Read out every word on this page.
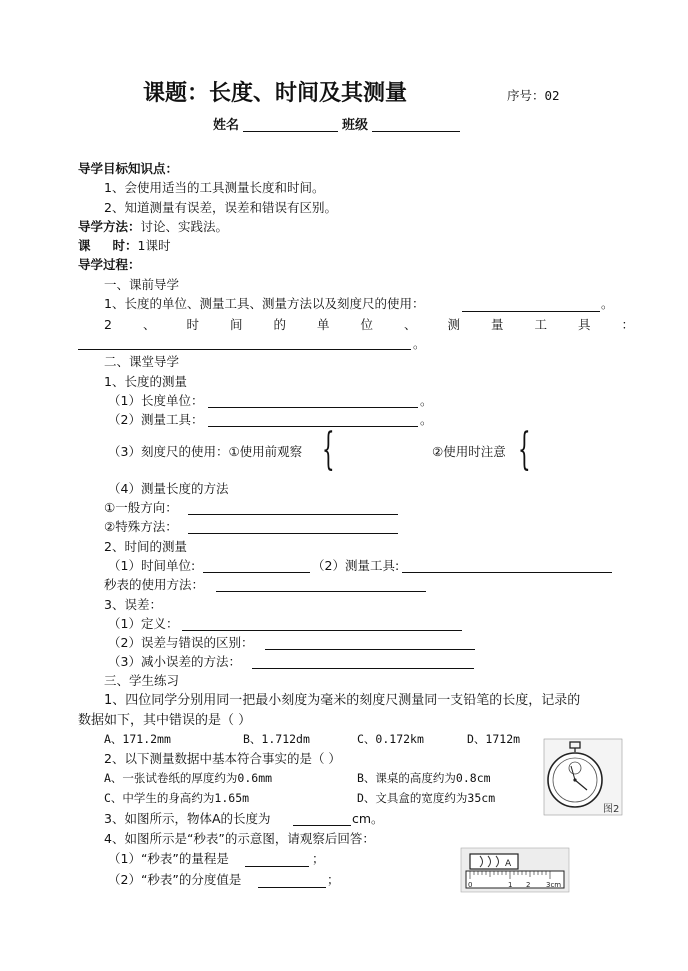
课题：长度、时间及其测量	序号：02
姓名	班级
导学目标知识点：
1、会使用适当的工具测量长度和时间。
2、知道测量有误差，误差和错误有区别。
导学方法：讨论、实践法。
课 时：1课时
导学过程：
一、课前导学
1、长度的单位、测量工具、测量方法以及刻度尺的使用：	。
2 、 时 间 的 单 位 、 测 量 工 具 ：
。
二、课堂导学
1、长度的测量
（1）长度单位：	。
（2）测量工具：	。
（3）刻度尺的使用：①使用前观察 {	②使用时注意 {
（4）测量长度的方法
①一般方向：
②特殊方法：
2、时间的测量
（1）时间单位:	（2）测量工具:
秒表的使用方法：
3、误差：
（1）定义：
（2）误差与错误的区别：
（3）减小误差的方法：
三、学生练习
1、四位同学分别用同一把最小刻度为毫米的刻度尺测量同一支铅笔的长度，记录的
数据如下，其中错误的是（ ）
A、171.2mm	B、1.712dm	C、0.172km	D、1712m
2、以下测量数据中基本符合事实的是（ ）
A、一张试卷纸的厚度约为0.6mm	B、课桌的高度约为0.8cm
C、中学生的身高约为1.65m	D、文具盒的宽度约为35cm
3、如图所示，物体A的长度为	cm。
4、如图所示是“秒表”的示意图，请观察后回答：
（1）“秒表”的量程是	；
（2）“秒表”的分度值是	；
图2
A
0	1 2 3cm
